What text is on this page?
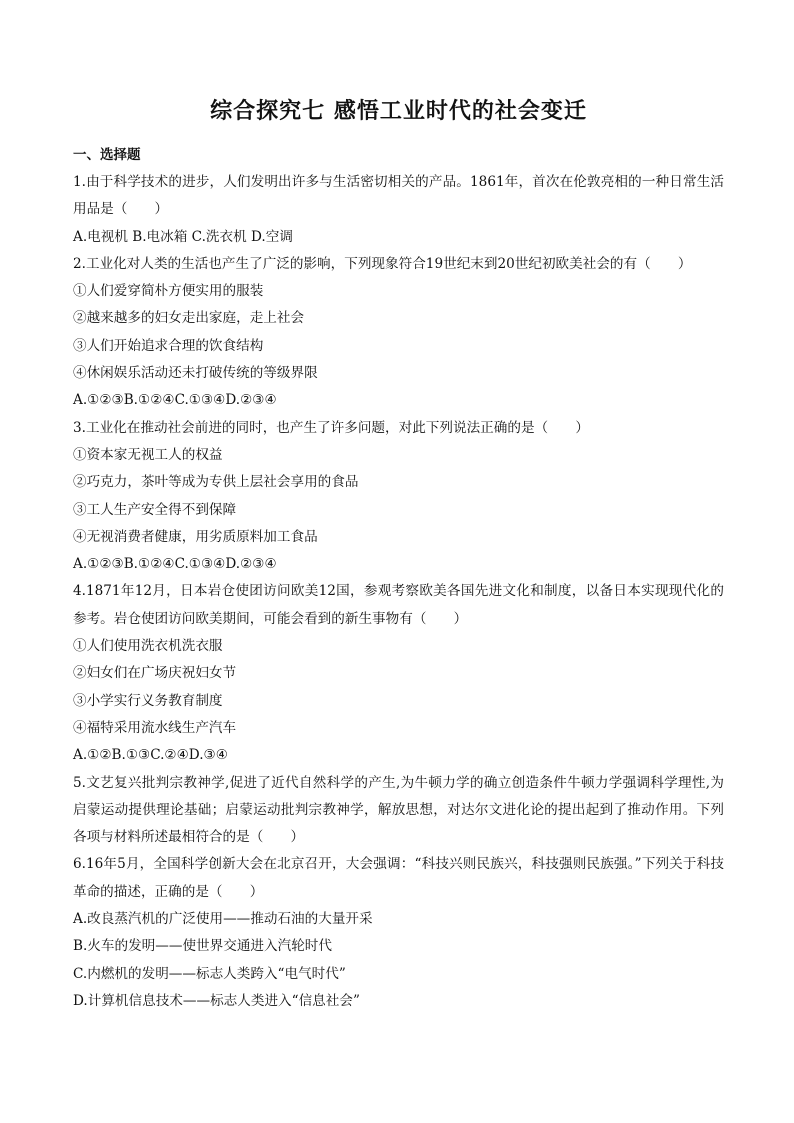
综合探究七 感悟工业时代的社会变迁

一、选择题

1.由于科学技术的进步，人们发明出许多与生活密切相关的产品。1861年，首次在伦敦亮相的一种日常生活用品是（　　）

A.电视机 B.电冰箱 C.洗衣机 D.空调

2.工业化对人类的生活也产生了广泛的影响，下列现象符合19世纪末到20世纪初欧美社会的有（　　）

①人们爱穿简朴方便实用的服装

②越来越多的妇女走出家庭，走上社会

③人们开始追求合理的饮食结构

④休闲娱乐活动还未打破传统的等级界限

A.①②③B.①②④C.①③④D.②③④

3.工业化在推动社会前进的同时，也产生了许多问题，对此下列说法正确的是（　　）

①资本家无视工人的权益

②巧克力，茶叶等成为专供上层社会享用的食品

③工人生产安全得不到保障

④无视消费者健康，用劣质原料加工食品

A.①②③B.①②④C.①③④D.②③④

4.1871年12月，日本岩仓使团访问欧美12国，参观考察欧美各国先进文化和制度，以备日本实现现代化的参考。岩仓使团访问欧美期间，可能会看到的新生事物有（　　）

①人们使用洗衣机洗衣服

②妇女们在广场庆祝妇女节

③小学实行义务教育制度

④福特采用流水线生产汽车

A.①②B.①③C.②④D.③④

5.文艺复兴批判宗教神学,促进了近代自然科学的产生,为牛顿力学的确立创造条件牛顿力学强调科学理性,为启蒙运动提供理论基础；启蒙运动批判宗教神学，解放思想，对达尔文进化论的提出起到了推动作用。下列各项与材料所述最相符合的是（　　）

6.16年5月，全国科学创新大会在北京召开，大会强调：“科技兴则民族兴，科技强则民族强。”下列关于科技革命的描述，正确的是（　　）

A.改良蒸汽机的广泛使用——推动石油的大量开采

B.火车的发明——使世界交通进入汽轮时代

C.内燃机的发明——标志人类跨入“电气时代”

D.计算机信息技术——标志人类进入“信息社会”
